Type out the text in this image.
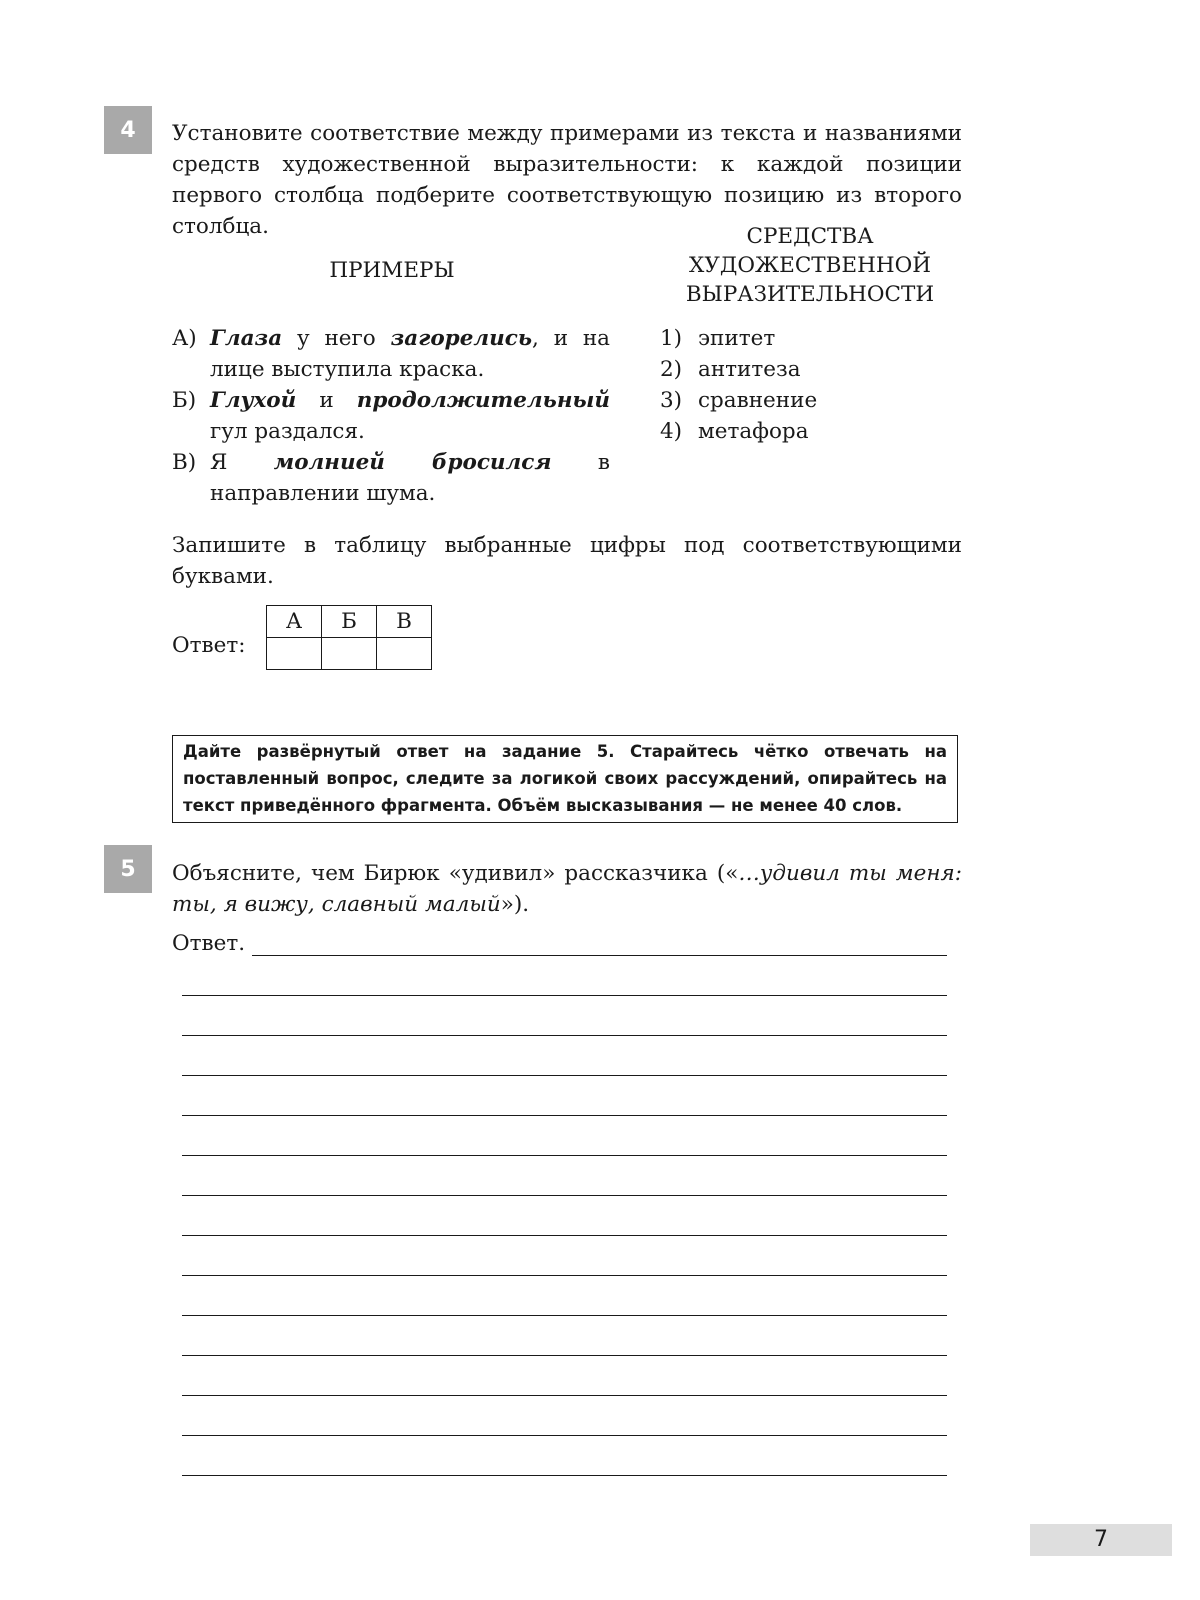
4	Установите соответствие между примерами из текста и названиями средств художественной выразительности: к каждой позиции первого столбца подберите соответствующую позицию из второго столбца.

ПРИМЕРЫ
СРЕДСТВА
ХУДОЖЕСТВЕННОЙ
ВЫРАЗИТЕЛЬНОСТИ
А) Глаза у него загорелись, и на лице выступила краска.
Б) Глухой и продолжительный гул раздался.
В) Я молнией бросился в направлении шума.
1) эпитет
2) антитеза
3) сравнение
4) метафора

Запишите в таблицу выбранные цифры под соответствующими буквами.

Ответ:
А	Б	В

Дайте развёрнутый ответ на задание 5. Старайтесь чётко отвечать на поставленный вопрос, следите за логикой своих рассуждений, опирайтесь на текст приведённого фрагмента. Объём высказывания — не менее 40 слов.
5	Объясните, чем Бирюк «удивил» рассказчика («…удивил ты меня: ты, я вижу, славный малый»).

Ответ.
7
